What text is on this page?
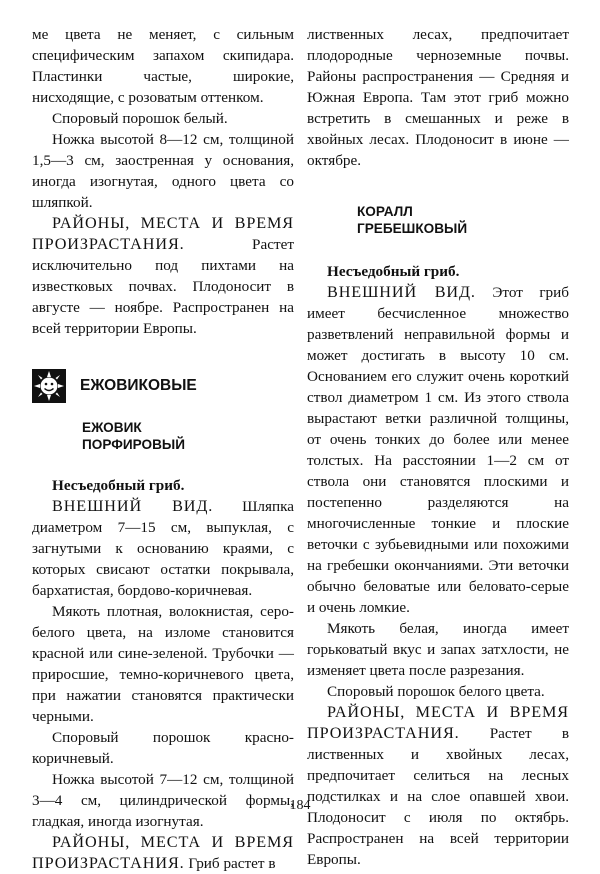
ме цвета не меняет, с сильным специфическим запахом скипидара. Пластинки частые, широкие, нисходящие, с розоватым оттенком.

Споровый порошок белый.

Ножка высотой 8—12 см, толщиной 1,5—3 см, заостренная у основания, иногда изогнутая, одного цвета со шляпкой.

РАЙОНЫ, МЕСТА И ВРЕМЯ ПРОИЗРАСТАНИЯ.	Растет исключительно под пихтами на известковых почвах. Плодоносит в августе — ноябре. Распространен на всей территории Европы.

ЕЖОВИКОВЫЕ
ЕЖОВИК
ПОРФИРОВЫЙ

Несъедобный гриб.

ВНЕШНИЙ ВИД. Шляпка диаметром 7—15 см, выпуклая, с загнутыми к основанию краями, с которых свисают остатки покрывала, бархатистая, бордово-коричневая.

Мякоть плотная, волокнистая, серо-белого цвета, на изломе становится красной или сине-зеленой. Трубочки — приросшие, темно-коричневого цвета, при нажатии становятся практически черными.

Споровый порошок красно-коричневый.

Ножка высотой 7—12 см, толщиной 3—4 см, цилиндрической формы, гладкая, иногда изогнутая.

РАЙОНЫ, МЕСТА И ВРЕМЯ ПРОИЗРАСТАНИЯ. Гриб растет в

лиственных лесах, предпочитает плодородные черноземные почвы. Районы распространения — Средняя и Южная Европа. Там этот гриб можно встретить в смешанных и реже в хвойных лесах. Плодоносит в июне — октябре.

КОРАЛЛ
ГРЕБЕШКОВЫЙ

Несъедобный гриб.

ВНЕШНИЙ ВИД. Этот гриб имеет бесчисленное множество разветвлений неправильной формы и может достигать в высоту 10 см. Основанием его служит очень короткий ствол диаметром 1 см. Из этого ствола вырастают ветки различной толщины, от очень тонких до более или менее толстых. На расстоянии 1—2 см от ствола они становятся плоскими и постепенно разделяются на многочисленные тонкие и плоские веточки с зубьевидными или похожими на гребешки окончаниями. Эти веточки обычно беловатые или беловато-серые и очень ломкие.

Мякоть белая, иногда имеет горьковатый вкус и запах затхлости, не изменяет цвета после разрезания.

Споровый порошок белого цвета.

РАЙОНЫ, МЕСТА И ВРЕМЯ ПРОИЗРАСТАНИЯ. Растет в лиственных и хвойных лесах, предпочитает селиться на лесных подстилках и на слое опавшей хвои. Плодоносит с июля по октябрь. Распространен на всей территории Европы.

184
